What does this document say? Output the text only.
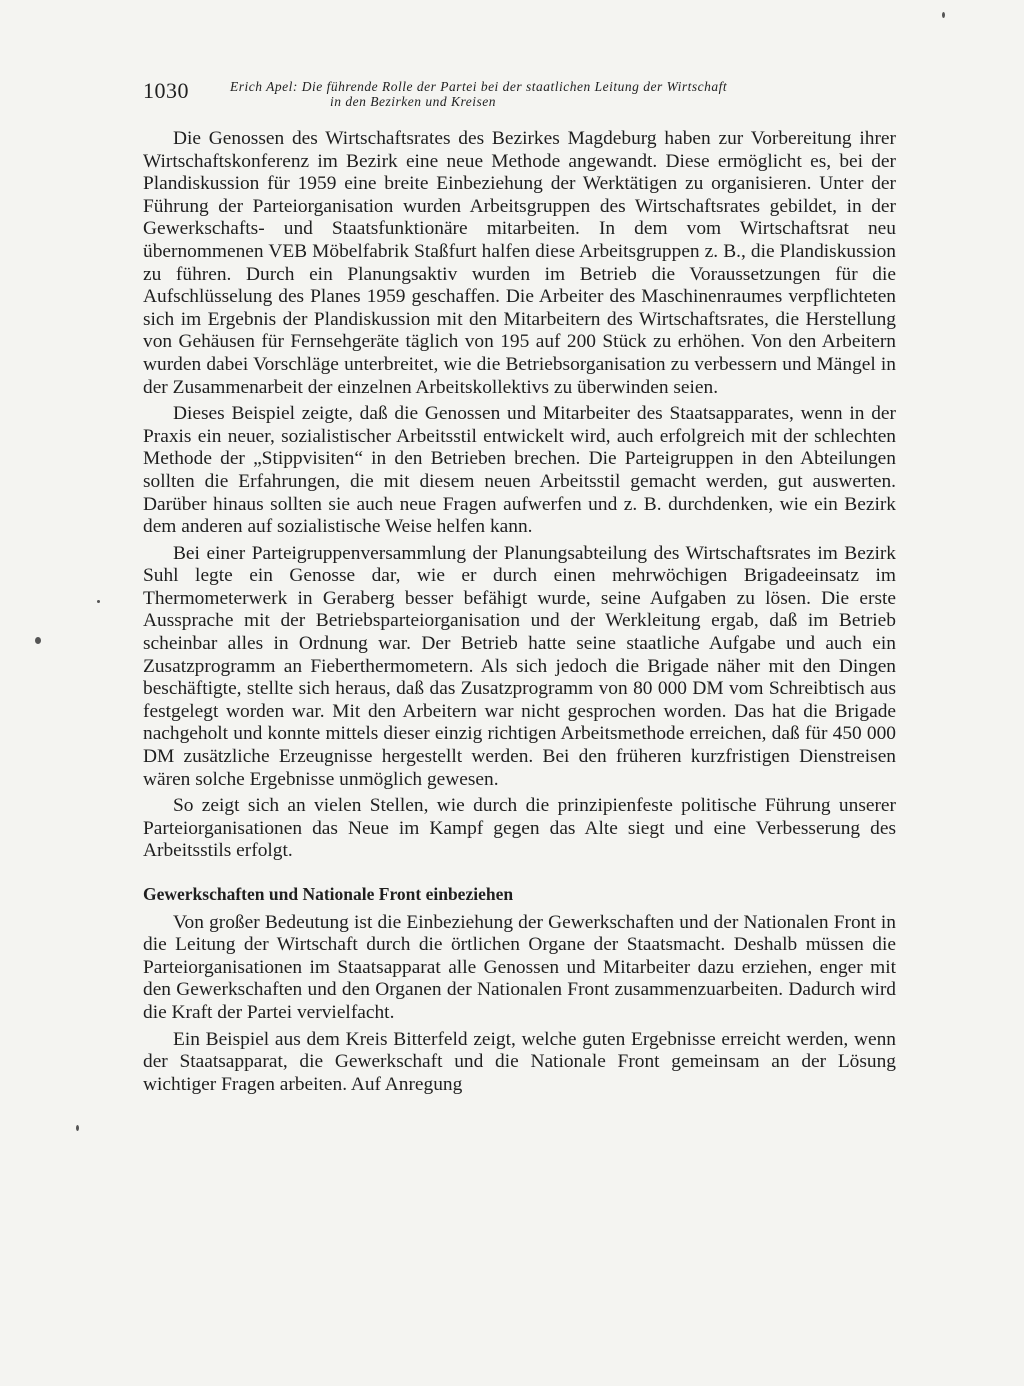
1030	Erich Apel: Die führende Rolle der Partei bei der staatlichen Leitung der Wirtschaft
in den Bezirken und Kreisen

Die Genossen des Wirtschaftsrates des Bezirkes Magdeburg haben zur Vorbereitung ihrer Wirtschaftskonferenz im Bezirk eine neue Methode angewandt. Diese ermöglicht es, bei der Plandiskussion für 1959 eine breite Einbeziehung der Werktätigen zu organisieren. Unter der Führung der Parteiorganisation wurden Arbeitsgruppen des Wirtschaftsrates gebildet, in der Gewerkschafts- und Staatsfunktionäre mitarbeiten. In dem vom Wirtschaftsrat neu übernommenen VEB Möbelfabrik Staßfurt halfen diese Arbeitsgruppen z. B., die Plandiskussion zu führen. Durch ein Planungsaktiv wurden im Betrieb die Voraussetzungen für die Aufschlüsselung des Planes 1959 geschaffen. Die Arbeiter des Maschinenraumes verpflichteten sich im Ergebnis der Plandiskussion mit den Mitarbeitern des Wirtschaftsrates, die Herstellung von Gehäusen für Fernsehgeräte täglich von 195 auf 200 Stück zu erhöhen. Von den Arbeitern wurden dabei Vorschläge unterbreitet, wie die Betriebsorganisation zu verbessern und Mängel in der Zusammenarbeit der einzelnen Arbeitskollektivs zu überwinden seien.

Dieses Beispiel zeigte, daß die Genossen und Mitarbeiter des Staatsapparates, wenn in der Praxis ein neuer, sozialistischer Arbeitsstil entwickelt wird, auch erfolgreich mit der schlechten Methode der „Stippvisiten“ in den Betrieben brechen. Die Parteigruppen in den Abteilungen sollten die Erfahrungen, die mit diesem neuen Arbeitsstil gemacht werden, gut auswerten. Darüber hinaus sollten sie auch neue Fragen aufwerfen und z. B. durchdenken, wie ein Bezirk dem anderen auf sozialistische Weise helfen kann.

Bei einer Parteigruppenversammlung der Planungsabteilung des Wirtschaftsrates im Bezirk Suhl legte ein Genosse dar, wie er durch einen mehrwöchigen Brigadeeinsatz im Thermometerwerk in Geraberg besser befähigt wurde, seine Aufgaben zu lösen. Die erste Aussprache mit der Betriebsparteiorganisation und der Werkleitung ergab, daß im Betrieb scheinbar alles in Ordnung war. Der Betrieb hatte seine staatliche Aufgabe und auch ein Zusatzprogramm an Fieberthermometern. Als sich jedoch die Brigade näher mit den Dingen beschäftigte, stellte sich heraus, daß das Zusatzprogramm von 80 000 DM vom Schreibtisch aus festgelegt worden war. Mit den Arbeitern war nicht gesprochen worden. Das hat die Brigade nachgeholt und konnte mittels dieser einzig richtigen Arbeitsmethode erreichen, daß für 450 000 DM zusätzliche Erzeugnisse hergestellt werden. Bei den früheren kurzfristigen Dienstreisen wären solche Ergebnisse unmöglich gewesen.

So zeigt sich an vielen Stellen, wie durch die prinzipienfeste politische Führung unserer Parteiorganisationen das Neue im Kampf gegen das Alte siegt und eine Verbesserung des Arbeitsstils erfolgt.

Gewerkschaften und Nationale Front einbeziehen

Von großer Bedeutung ist die Einbeziehung der Gewerkschaften und der Nationalen Front in die Leitung der Wirtschaft durch die örtlichen Organe der Staatsmacht. Deshalb müssen die Parteiorganisationen im Staatsapparat alle Genossen und Mitarbeiter dazu erziehen, enger mit den Gewerkschaften und den Organen der Nationalen Front zusammenzuarbeiten. Dadurch wird die Kraft der Partei vervielfacht.

Ein Beispiel aus dem Kreis Bitterfeld zeigt, welche guten Ergebnisse erreicht werden, wenn der Staatsapparat, die Gewerkschaft und die Nationale Front gemeinsam an der Lösung wichtiger Fragen arbeiten. Auf Anregung
